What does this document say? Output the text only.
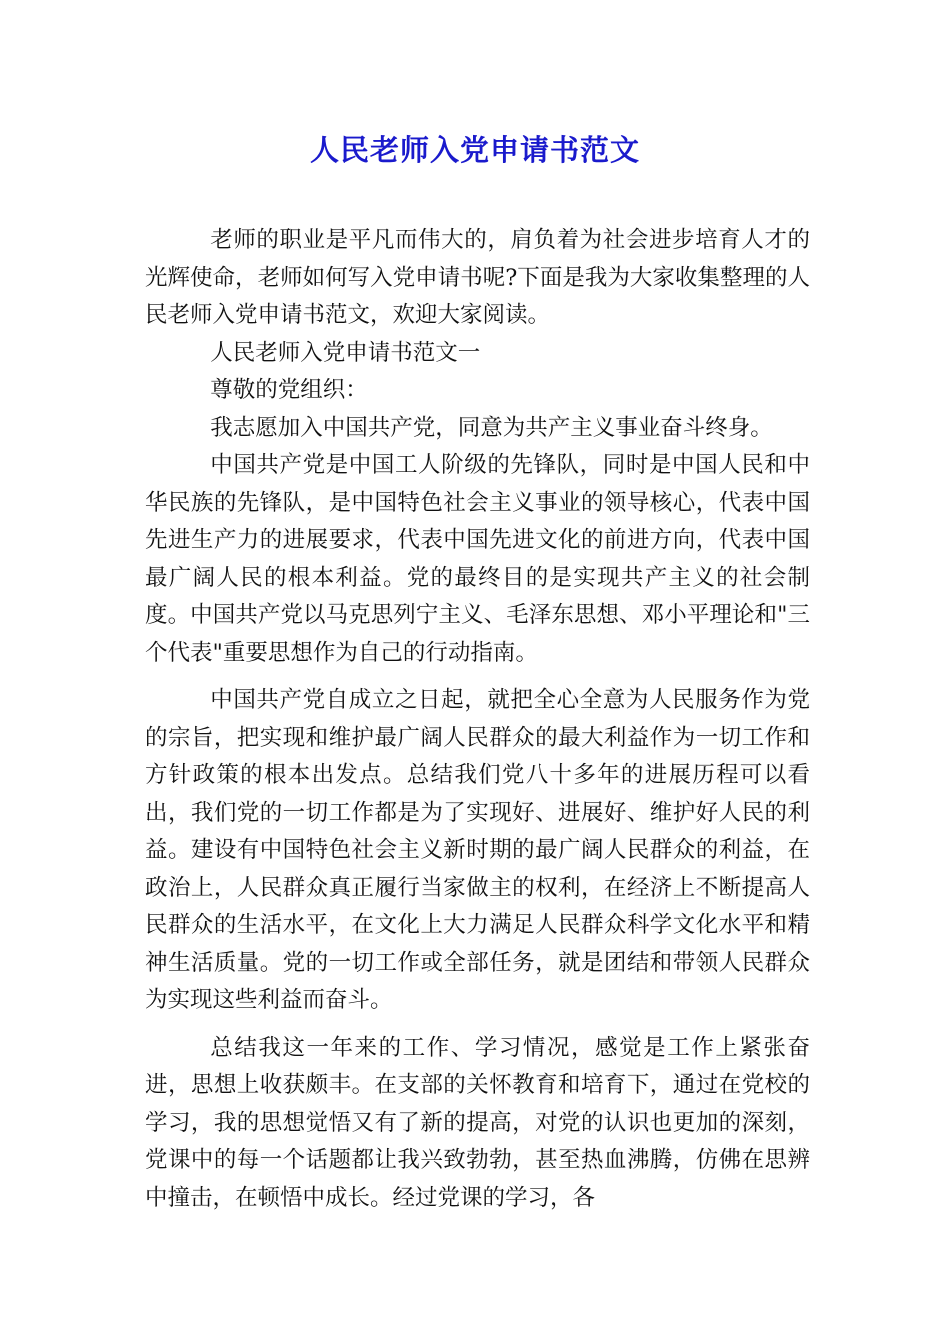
人民老师入党申请书范文

老师的职业是平凡而伟大的，肩负着为社会进步培育人才的光辉使命，老师如何写入党申请书呢?下面是我为大家收集整理的人民老师入党申请书范文，欢迎大家阅读。

人民老师入党申请书范文一

尊敬的党组织：

我志愿加入中国共产党，同意为共产主义事业奋斗终身。

中国共产党是中国工人阶级的先锋队，同时是中国人民和中华民族的先锋队，是中国特色社会主义事业的领导核心，代表中国先进生产力的进展要求，代表中国先进文化的前进方向，代表中国最广阔人民的根本利益。党的最终目的是实现共产主义的社会制度。中国共产党以马克思列宁主义、毛泽东思想、邓小平理论和"三个代表"重要思想作为自己的行动指南。

中国共产党自成立之日起，就把全心全意为人民服务作为党的宗旨，把实现和维护最广阔人民群众的最大利益作为一切工作和方针政策的根本出发点。总结我们党八十多年的进展历程可以看出，我们党的一切工作都是为了实现好、进展好、维护好人民的利益。建设有中国特色社会主义新时期的最广阔人民群众的利益，在政治上，人民群众真正履行当家做主的权利，在经济上不断提高人民群众的生活水平，在文化上大力满足人民群众科学文化水平和精神生活质量。党的一切工作或全部任务，就是团结和带领人民群众为实现这些利益而奋斗。

总结我这一年来的工作、学习情况，感觉是工作上紧张奋进，思想上收获颇丰。在支部的关怀教育和培育下，通过在党校的学习，我的思想觉悟又有了新的提高，对党的认识也更加的深刻，党课中的每一个话题都让我兴致勃勃，甚至热血沸腾，仿佛在思辨中撞击，在顿悟中成长。经过党课的学习，各
